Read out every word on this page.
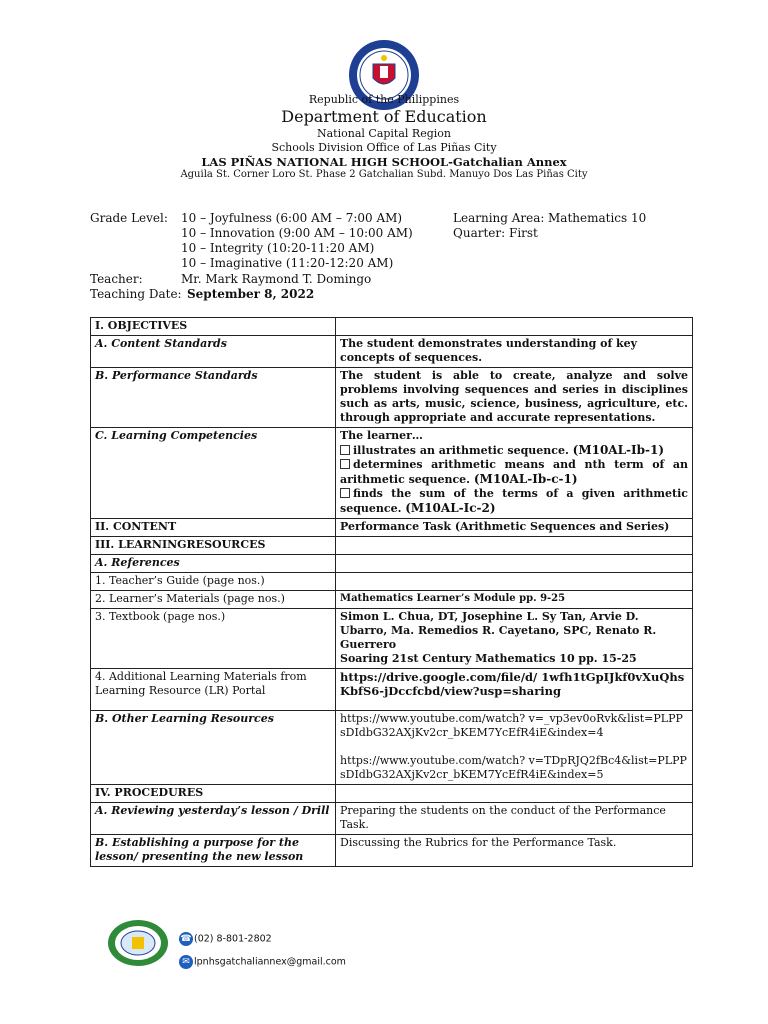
Republic of the Philippines
Department of Education
National Capital Region
Schools Division Office of Las Piñas City
LAS PIÑAS NATIONAL HIGH SCHOOL-Gatchalian Annex
Aguila St. Corner Loro St. Phase 2 Gatchalian Subd. Manuyo Dos Las Piñas City
Grade Level: 10 – Joyfulness (6:00 AM – 7:00 AM)
10 – Innovation (9:00 AM – 10:00 AM)
10 – Integrity (10:20-11:20 AM)
10 – Imaginative (11:20-12:20 AM)
Learning Area: Mathematics 10
Quarter: First
Teacher:	Mr. Mark Raymond T. Domingo
Teaching Date: September 8, 2022
I. OBJECTIVES	
A. Content Standards	The student demonstrates understanding of key concepts of sequences.
B. Performance Standards	The student is able to create, analyze and solve problems involving sequences and series in disciplines such as arts, music, science, business, agriculture, etc. through appropriate and accurate representations.
C. Learning Competencies	The learner…
illustrates an arithmetic sequence. (M10AL-Ib-1)
determines arithmetic means and nth term of an arithmetic sequence. (M10AL-Ib-c-1)
finds the sum of the terms of a given arithmetic sequence. (M10AL-Ic-2)

II. CONTENT	Performance Task (Arithmetic Sequences and Series)
III. LEARNINGRESOURCES	
A. References	
1. Teacher’s Guide (page nos.)	
2. Learner’s Materials (page nos.)	Mathematics Learner’s Module pp. 9-25
3. Textbook (page nos.)	Simon L. Chua, DT, Josephine L. Sy Tan, Arvie D. Ubarro, Ma. Remedios R. Cayetano, SPC, Renato R. Guerrero
Soaring 21st Century Mathematics 10 pp. 15-25

4. Additional Learning Materials from Learning Resource (LR) Portal	https://drive.google.com/file/d/ 1wfh1tGpIJkf0vXuQhsKbfS6-jDccfcbd/view?usp=sharing
B. Other Learning Resources	https://www.youtube.com/watch? v=_vp3ev0oRvk&list=PLPPsDIdbG32AXjKv2cr_bKEM7YcEfR4iE&index=4
https://www.youtube.com/watch? v=TDpRJQ2fBc4&list=PLPPsDIdbG32AXjKv2cr_bKEM7YcEfR4iE&index=5

IV. PROCEDURES	
A. Reviewing yesterday’s lesson / Drill	Preparing the students on the conduct of the Performance Task.
B. Establishing a purpose for the lesson/ presenting the new lesson	Discussing the Rubrics for the Performance Task.
☎ (02) 8-801-2802
✉ lpnhsgatchaliannex@gmail.com
